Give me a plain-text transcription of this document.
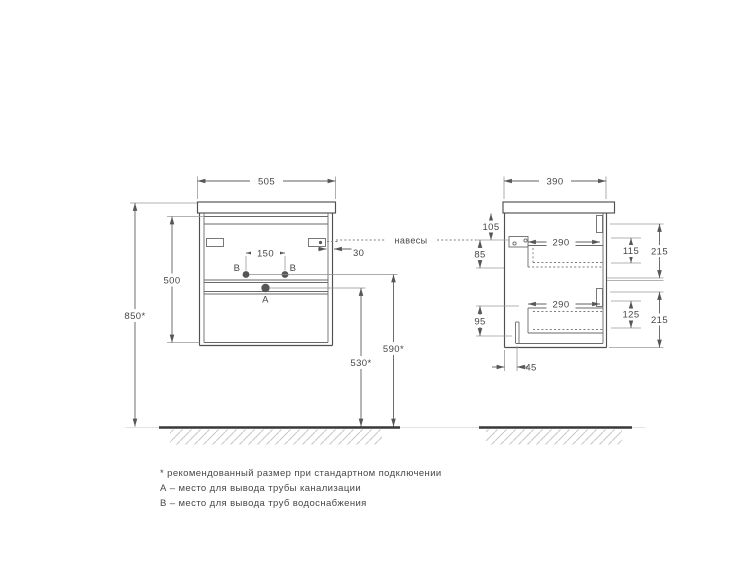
B	B
A
505
150	30
500
850*
530*
590*
навесы
390
105
85
95
290
290
115
125
215
215
45
* рекомендованный размер при стандартном подключении
А – место для вывода трубы канализации
В – место для вывода труб водоснабжения
